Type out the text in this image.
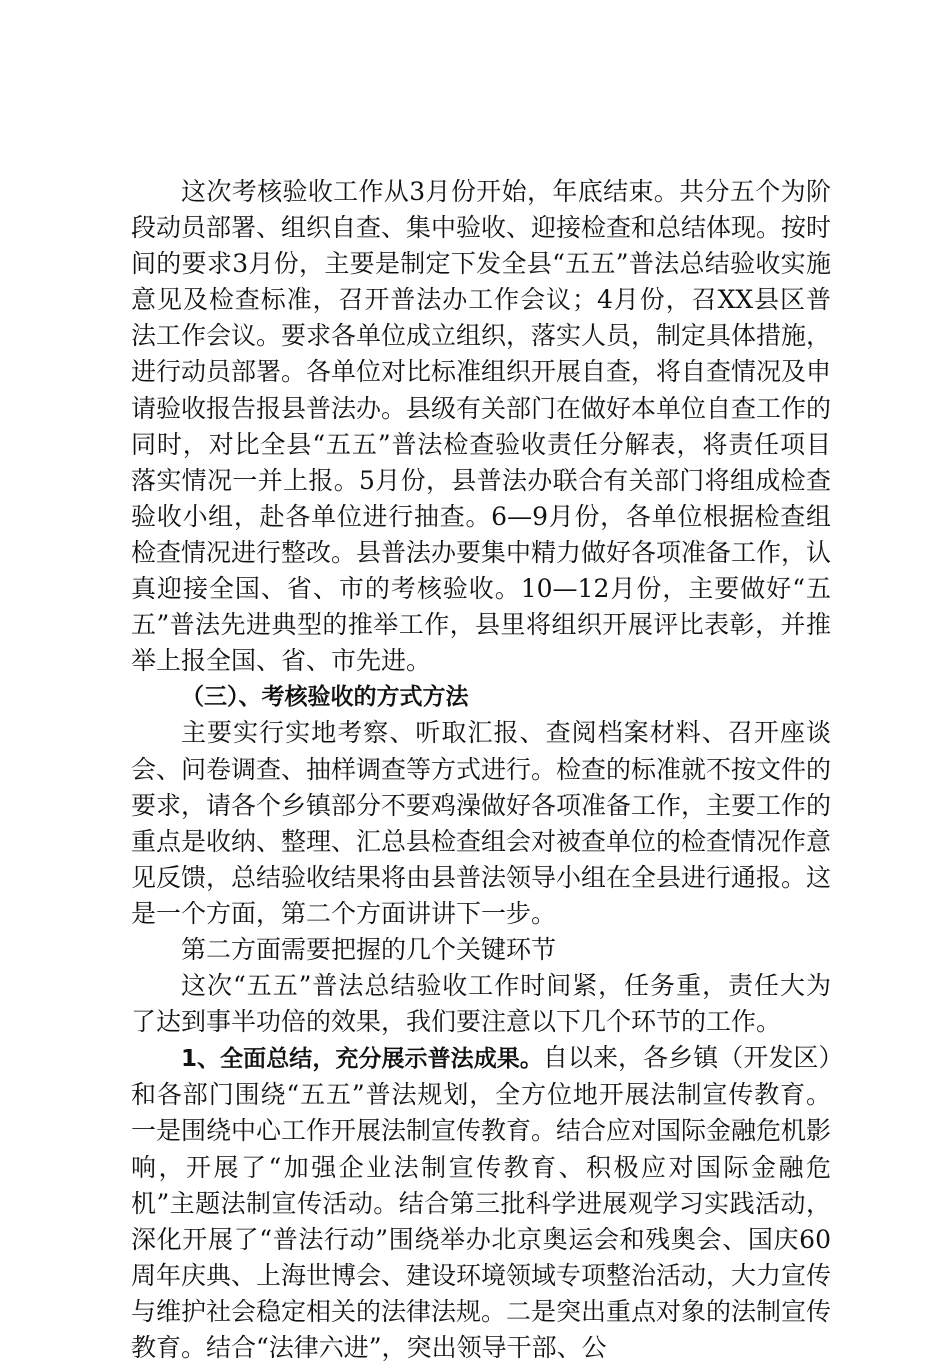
这次考核验收工作从3月份开始，年底结束。共分五个为阶段动员部署、组织自查、集中验收、迎接检查和总结体现。按时间的要求3月份，主要是制定下发全县“五五”普法总结验收实施意见及检查标准，召开普法办工作会议；4月份，召XX县区普法工作会议。要求各单位成立组织，落实人员，制定具体措施，进行动员部署。各单位对比标准组织开展自查，将自查情况及申请验收报告报县普法办。县级有关部门在做好本单位自查工作的同时，对比全县“五五”普法检查验收责任分解表，将责任项目落实情况一并上报。5月份，县普法办联合有关部门将组成检查验收小组，赴各单位进行抽查。6—9月份，各单位根据检查组检查情况进行整改。县普法办要集中精力做好各项准备工作，认真迎接全国、省、市的考核验收。10—12月份，主要做好“五五”普法先进典型的推举工作，县里将组织开展评比表彰，并推举上报全国、省、市先进。

（三）、考核验收的方式方法

主要实行实地考察、听取汇报、查阅档案材料、召开座谈会、问卷调查、抽样调查等方式进行。检查的标准就不按文件的要求，请各个乡镇部分不要鸡澡做好各项准备工作，主要工作的重点是收纳、整理、汇总县检查组会对被查单位的检查情况作意见反馈，总结验收结果将由县普法领导小组在全县进行通报。这是一个方面，第二个方面讲讲下一步。

第二方面需要把握的几个关键环节

这次“五五”普法总结验收工作时间紧，任务重，责任大为了达到事半功倍的效果，我们要注意以下几个环节的工作。

1、全面总结，充分展示普法成果。自以来，各乡镇（开发区）和各部门围绕“五五”普法规划，全方位地开展法制宣传教育。一是围绕中心工作开展法制宣传教育。结合应对国际金融危机影响，开展了“加强企业法制宣传教育、积极应对国际金融危机”主题法制宣传活动。结合第三批科学进展观学习实践活动，深化开展了“普法行动”围绕举办北京奥运会和残奥会、国庆60周年庆典、上海世博会、建设环境领域专项整治活动，大力宣传与维护社会稳定相关的法律法规。二是突出重点对象的法制宣传教育。结合“法律六进”，突出领导干部、公
